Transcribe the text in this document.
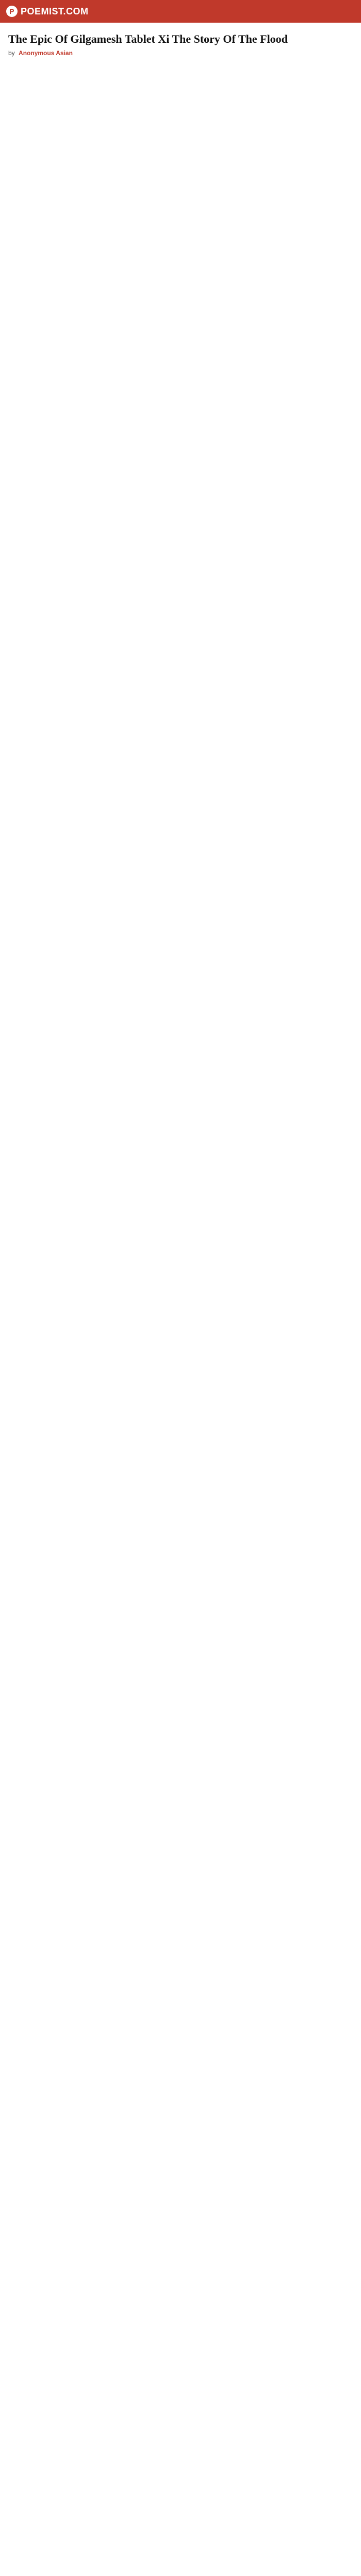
P POEMIST.COM
The Epic Of Gilgamesh Tablet Xi The Story Of The Flood
by Anonymous Asian
